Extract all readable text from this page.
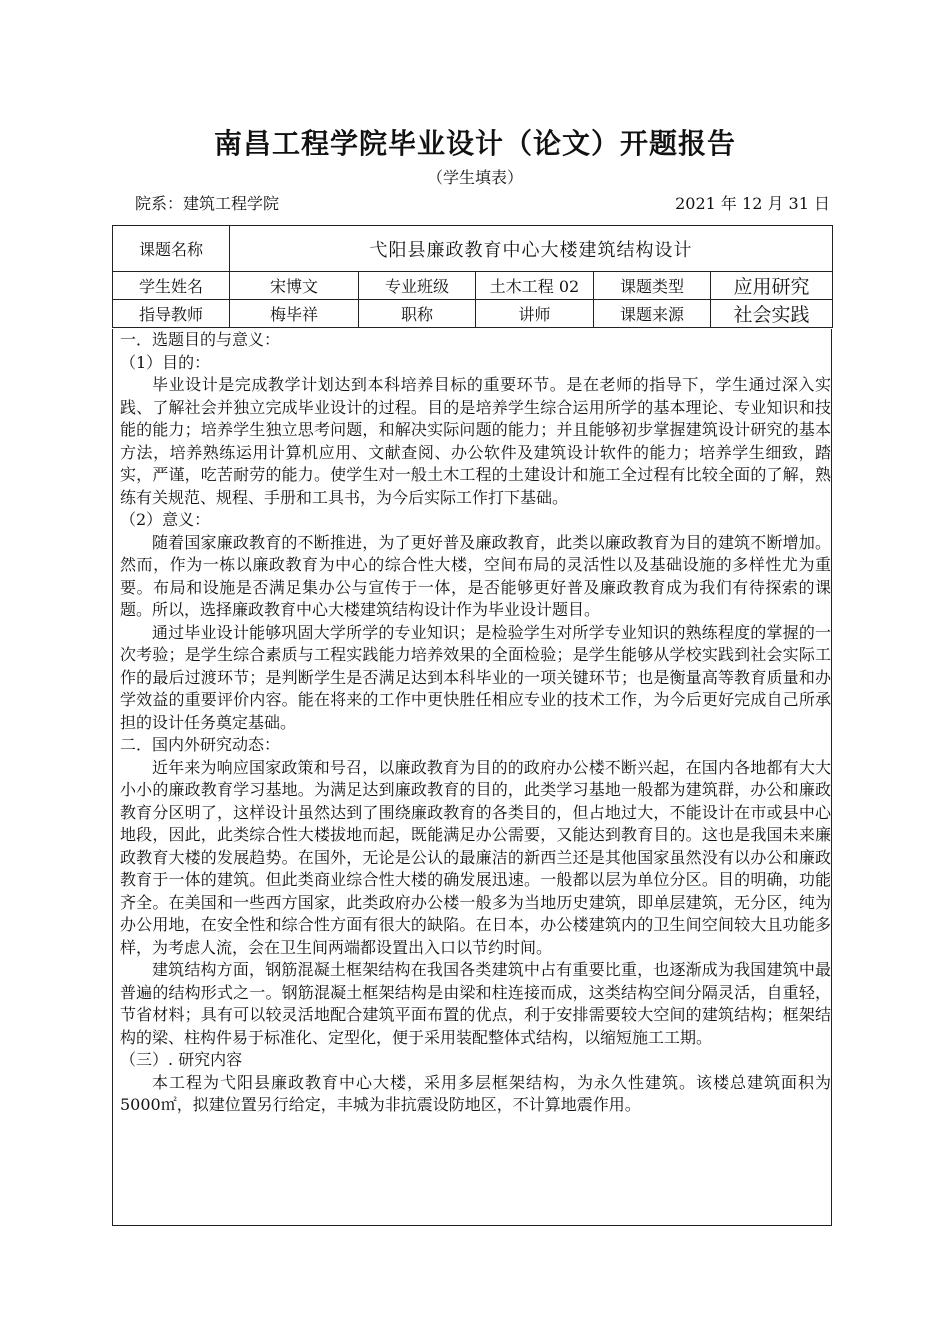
南昌工程学院毕业设计（论文）开题报告
（学生填表）
院系：建筑工程学院	2021 年 12 月 31 日
课题名称	弋阳县廉政教育中心大楼建筑结构设计				
学生姓名	宋博文	专业班级	土木工程 02	课题类型	应用研究
指导教师	梅毕祥	职称	讲师	课题来源	社会实践

一．选题目的与意义：

（1）目的：

毕业设计是完成教学计划达到本科培养目标的重要环节。是在老师的指导下，学生通过深入实践、了解社会并独立完成毕业设计的过程。目的是培养学生综合运用所学的基本理论、专业知识和技能的能力；培养学生独立思考问题，和解决实际问题的能力；并且能够初步掌握建筑设计研究的基本方法，培养熟练运用计算机应用、文献查阅、办公软件及建筑设计软件的能力；培养学生细致，踏实，严谨，吃苦耐劳的能力。使学生对一般土木工程的土建设计和施工全过程有比较全面的了解，熟练有关规范、规程、手册和工具书，为今后实际工作打下基础。

（2）意义：

随着国家廉政教育的不断推进，为了更好普及廉政教育，此类以廉政教育为目的建筑不断增加。然而，作为一栋以廉政教育为中心的综合性大楼，空间布局的灵活性以及基础设施的多样性尤为重要。布局和设施是否满足集办公与宣传于一体，是否能够更好普及廉政教育成为我们有待探索的课题。所以，选择廉政教育中心大楼建筑结构设计作为毕业设计题目。

通过毕业设计能够巩固大学所学的专业知识；是检验学生对所学专业知识的熟练程度的掌握的一次考验；是学生综合素质与工程实践能力培养效果的全面检验；是学生能够从学校实践到社会实际工作的最后过渡环节；是判断学生是否满足达到本科毕业的一项关键环节；也是衡量高等教育质量和办学效益的重要评价内容。能在将来的工作中更快胜任相应专业的技术工作，为今后更好完成自己所承担的设计任务奠定基础。

二．国内外研究动态：

近年来为响应国家政策和号召，以廉政教育为目的的政府办公楼不断兴起，在国内各地都有大大小小的廉政教育学习基地。为满足达到廉政教育的目的，此类学习基地一般都为建筑群，办公和廉政教育分区明了，这样设计虽然达到了围绕廉政教育的各类目的，但占地过大，不能设计在市或县中心地段，因此，此类综合性大楼拔地而起，既能满足办公需要，又能达到教育目的。这也是我国未来廉政教育大楼的发展趋势。在国外，无论是公认的最廉洁的新西兰还是其他国家虽然没有以办公和廉政教育于一体的建筑。但此类商业综合性大楼的确发展迅速。一般都以层为单位分区。目的明确，功能齐全。在美国和一些西方国家，此类政府办公楼一般多为当地历史建筑，即单层建筑，无分区，纯为办公用地，在安全性和综合性方面有很大的缺陷。在日本，办公楼建筑内的卫生间空间较大且功能多样，为考虑人流，会在卫生间两端都设置出入口以节约时间。

建筑结构方面，钢筋混凝土框架结构在我国各类建筑中占有重要比重，也逐渐成为我国建筑中最普遍的结构形式之一。钢筋混凝土框架结构是由梁和柱连接而成，这类结构空间分隔灵活，自重轻，节省材料；具有可以较灵活地配合建筑平面布置的优点，利于安排需要较大空间的建筑结构；框架结构的梁、柱构件易于标准化、定型化，便于采用装配整体式结构，以缩短施工工期。

（三）. 研究内容

本工程为弋阳县廉政教育中心大楼，采用多层框架结构，为永久性建筑。该楼总建筑面积为 5000㎡，拟建位置另行给定，丰城为非抗震设防地区，不计算地震作用。
